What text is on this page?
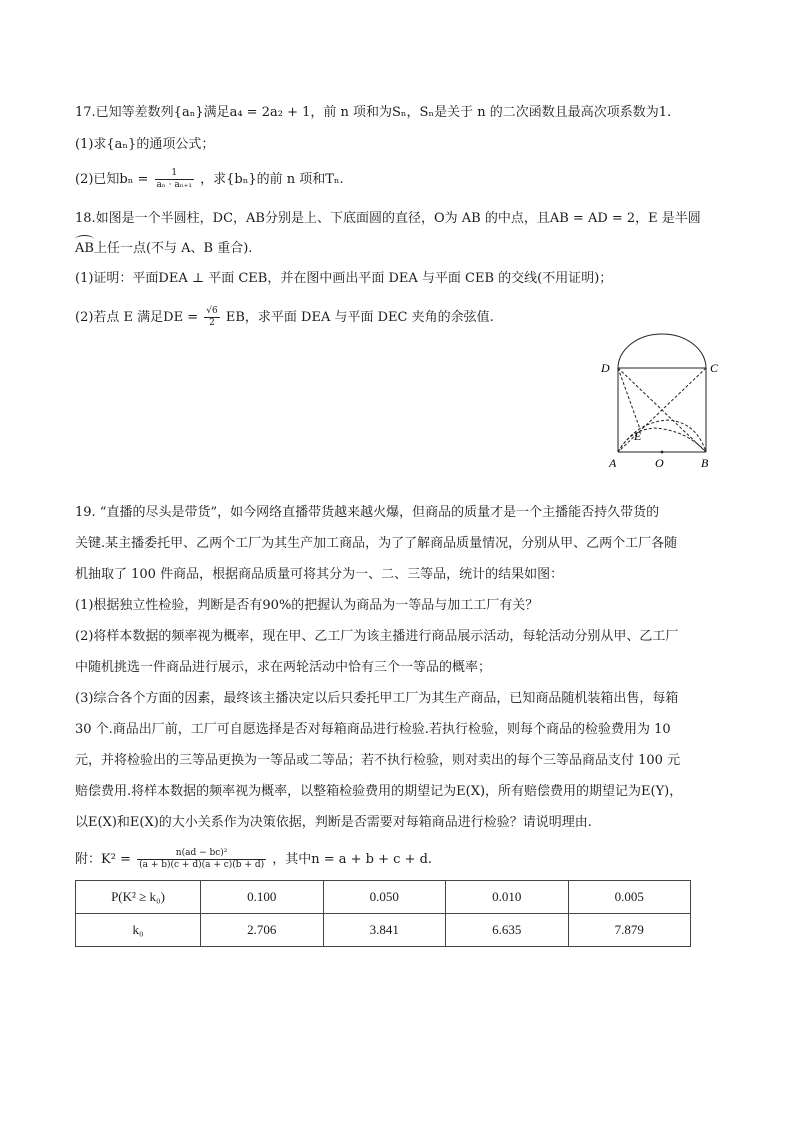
17.已知等差数列{aₙ}满足a₄ = 2a₂ + 1，前 n 项和为Sₙ，Sₙ是关于 n 的二次函数且最高次项系数为1.
(1)求{aₙ}的通项公式；
(2)已知$b_n = \frac{1}{\text{aₙ · aₙ₊₁}}$ ，求{bₙ}的前 n 项和Tₙ.
18.如图是一个半圆柱，DC，AB分别是上、下底面圆的直径，O为 AB 的中点，且AB = AD = 2，E 是半圆
AB上任一点(不与 A、B 重合).
(1)证明：平面DEA ⊥ 平面 CEB，并在图中画出平面 DEA 与平面 CEB 的交线(不用证明)；
(2)若点 E 满足DE = $\frac{√6}{2}$ EB，求平面 DEA 与平面 DEC 夹角的余弦值.
D	C
E
A	O	B
19. “直播的尽头是带货”，如今网络直播带货越来越火爆，但商品的质量才是一个主播能否持久带货的
关键.某主播委托甲、乙两个工厂为其生产加工商品，为了了解商品质量情况，分别从甲、乙两个工厂各随
机抽取了 100 件商品，根据商品质量可将其分为一、二、三等品，统计的结果如图：
(1)根据独立性检验，判断是否有90%的把握认为商品为一等品与加工工厂有关？
(2)将样本数据的频率视为概率，现在甲、乙工厂为该主播进行商品展示活动，每轮活动分别从甲、乙工厂
中随机挑选一件商品进行展示，求在两轮活动中恰有三个一等品的概率；
(3)综合各个方面的因素，最终该主播决定以后只委托甲工厂为其生产商品，已知商品随机装箱出售，每箱
30 个.商品出厂前，工厂可自愿选择是否对每箱商品进行检验.若执行检验，则每个商品的检验费用为 10
元，并将检验出的三等品更换为一等品或二等品；若不执行检验，则对卖出的每个三等品商品支付 100 元
赔偿费用.将样本数据的频率视为概率，以整箱检验费用的期望记为E(X)，所有赔偿费用的期望记为E(Y)，
以E(X)和E(X)的大小关系作为决策依据，判断是否需要对每箱商品进行检验？请说明理由.
附：$K^2 = \frac{\text{n(ad − bc)²}}{(a + b)(c + d)(a + c)(b + d)}$ ，其中n = a + b + c + d.
P(K² ≥ k₀)	0.100	0.050	0.010	0.005
k₀	2.706	3.841	6.635	7.879
